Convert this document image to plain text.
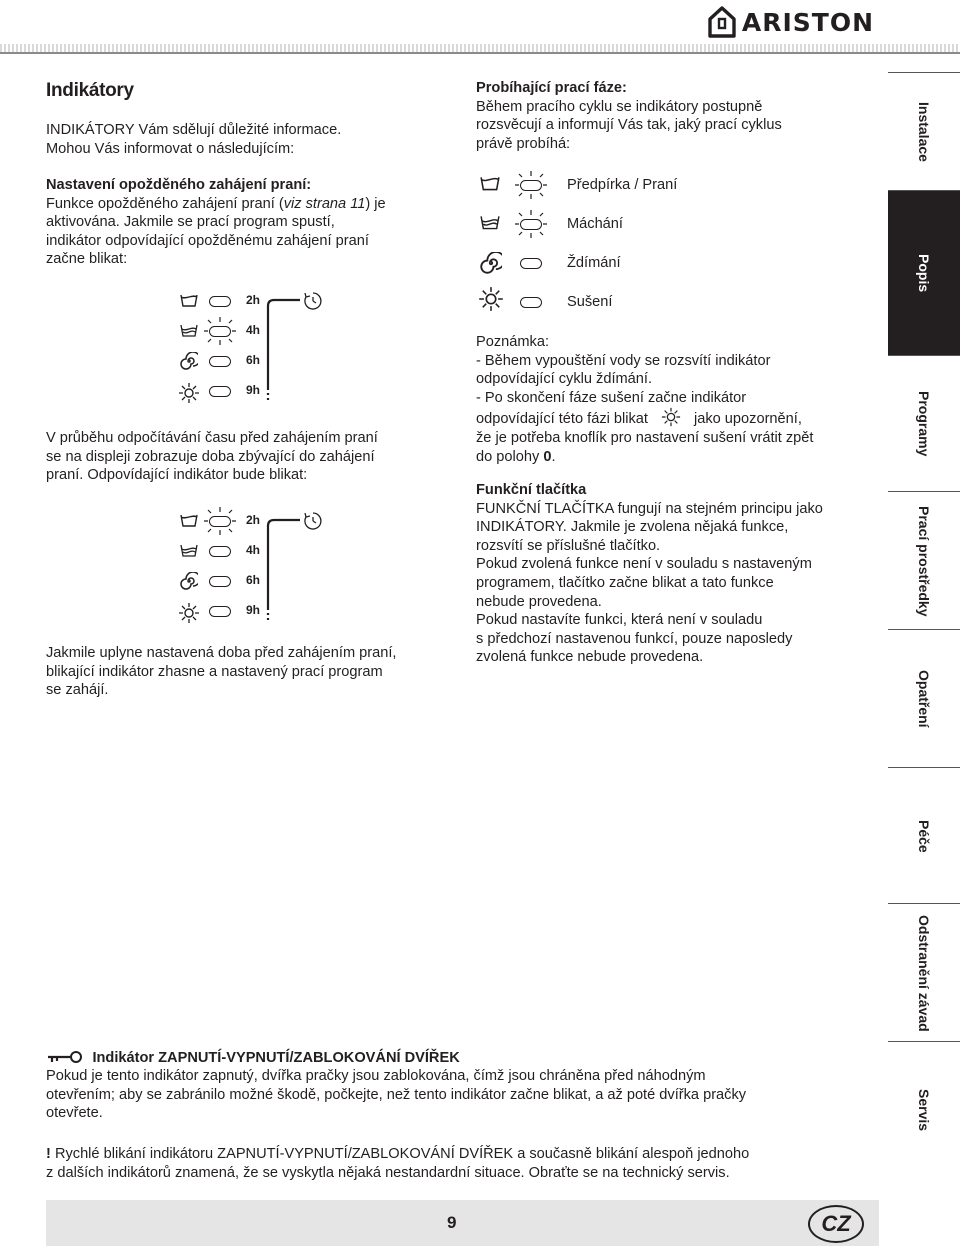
ARISTON
Indikátory

INDIKÁTORY Vám sdělují důležité informace.

Mohou Vás informovat o následujícím:

Nastavení opožděného zahájení praní:

Funkce opožděného zahájení praní (viz strana 11) je

aktivována. Jakmile se prací program spustí,

indikátor odpovídající opožděnému zahájení praní

začne blikat:

2h
4h
6h
9h

V průběhu odpočítávání času před zahájením praní

se na displeji zobrazuje doba zbývající do zahájení

praní. Odpovídající indikátor bude blikat:

2h
4h
6h
9h

Jakmile uplyne nastavená doba před zahájením praní,

blikající indikátor zhasne a nastavený prací program

se zahájí.

Probíhající prací fáze:

Během pracího cyklu se indikátory postupně

rozsvěcují a informují Vás tak, jaký prací cyklus

právě probíhá:

Předpírka / Praní
Máchání
Ždímání
Sušení

Poznámka:

- Během vypouštění vody se rozsvítí indikátor

odpovídající cyklu ždímání.

- Po skončení fáze sušení začne indikátor

odpovídající této fázi blikat	jako upozornění,

že je potřeba knoflík pro nastavení sušení vrátit zpět

do polohy 0.

Funkční tlačítka

FUNKČNÍ TLAČÍTKA fungují na stejném principu jako

INDIKÁTORY. Jakmile je zvolena nějaká funkce,

rozsvítí se příslušné tlačítko.

Pokud zvolená funkce není v souladu s nastaveným

programem, tlačítko začne blikat a tato funkce

nebude provedena.

Pokud nastavíte funkci, která není v souladu

s předchozí nastavenou funkcí, pouze naposledy

zvolená funkce nebude provedena.

Indikátor ZAPNUTÍ-VYPNUTÍ/ZABLOKOVÁNÍ DVÍŘEK

Pokud je tento indikátor zapnutý, dvířka pračky jsou zablokována, čímž jsou chráněna před náhodným

otevřením; aby se zabránilo možné škodě, počkejte, než tento indikátor začne blikat, a až poté dvířka pračky

otevřete.

! Rychlé blikání indikátoru ZAPNUTÍ-VYPNUTÍ/ZABLOKOVÁNÍ DVÍŘEK a současně blikání alespoň jednoho

z dalších indikátorů znamená, že se vyskytla nějaká nestandardní situace. Obraťte se na technický servis.

Instalace
Popis
Programy
Prací prostředky
Opatření
Péče
Odstranění závad
Servis
9	CZ
